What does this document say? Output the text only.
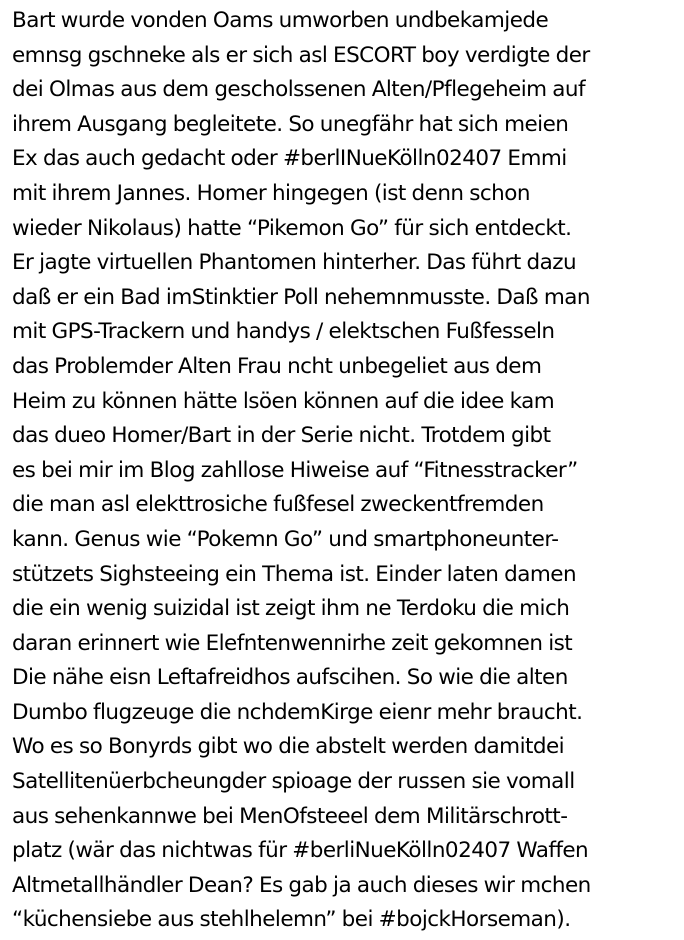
Bart wurde vonden Oams umworben undbekamjede
emnsg gschneke als er sich asl ESCORT boy verdigte der
dei Olmas aus dem gescholssenen Alten/Pflegeheim auf
ihrem Ausgang begleitete. So unegfähr hat sich meien
Ex das auch gedacht oder #berlINueKölln02407 Emmi
mit ihrem Jannes. Homer hingegen (ist denn schon
wieder Nikolaus) hatte “Pikemon Go” für sich entdeckt.
Er jagte virtuellen Phantomen hinterher. Das führt dazu
daß er ein Bad imStinktier Poll nehemnmusste. Daß man
mit GPS-Trackern und handys / elektschen Fußfesseln
das Problemder Alten Frau ncht unbegeliet aus dem
Heim zu können hätte lsöen können auf die idee kam
das dueo Homer/Bart in der Serie nicht. Trotdem gibt
es bei mir im Blog zahllose Hiweise auf “Fitnesstracker”
die man asl elekttrosiche fußfesel zweckentfremden
kann. Genus wie “Pokemn Go” und smartphoneunter-
stützets Sighsteeing ein Thema ist. Einder laten damen
die ein wenig suizidal ist zeigt ihm ne Terdoku die mich
daran erinnert wie Elefntenwennirhe zeit gekomnen ist
Die nähe eisn Leftafreidhos aufscihen. So wie die alten
Dumbo flugzeuge die nchdemKirge eienr mehr braucht.
Wo es so Bonyrds gibt wo die abstelt werden damitdei
Satellitenüerbcheungder spioage der russen sie vomall
aus sehenkannwe bei MenOfsteeel dem Militärschrott-
platz (wär das nichtwas für #berliNueKölln02407 Waffen
Altmetallhändler Dean? Es gab ja auch dieses wir mchen
“küchensiebe aus stehlhelemn” bei #bojckHorseman).
